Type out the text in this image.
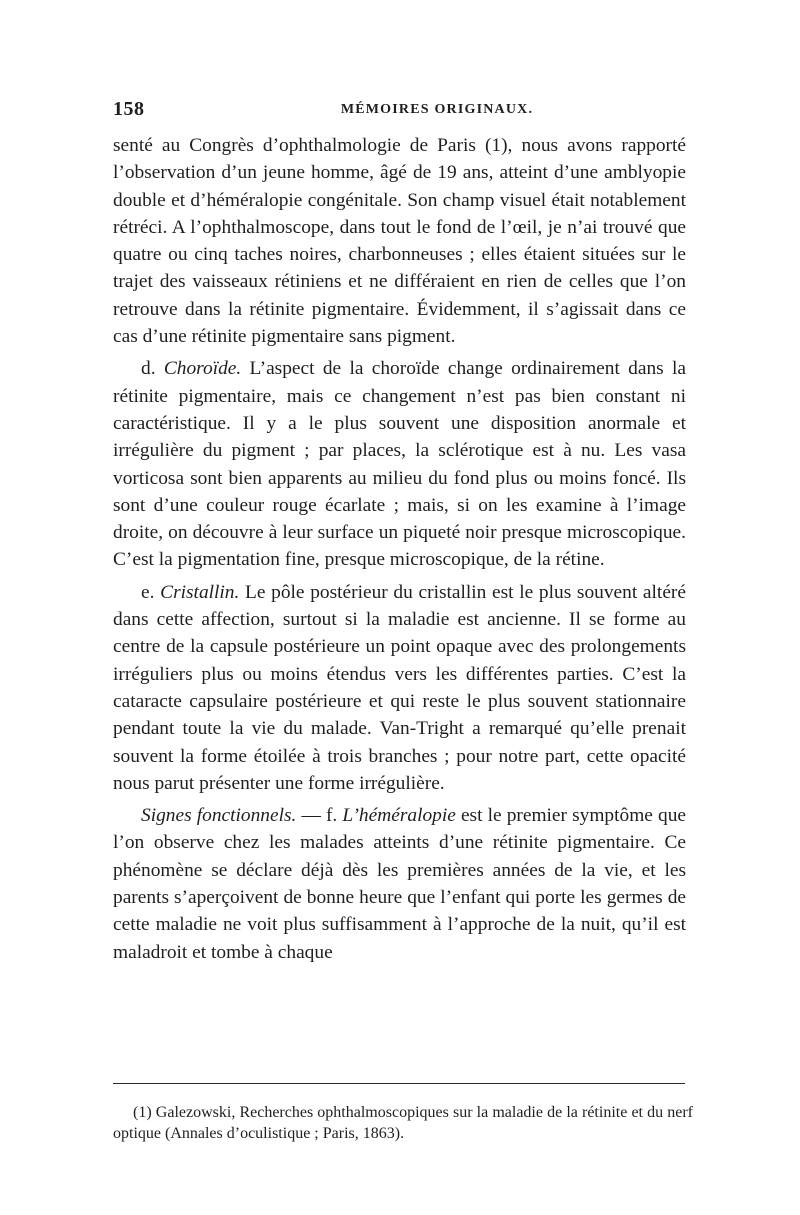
158	MÉMOIRES ORIGINAUX.

senté au Congrès d’ophthalmologie de Paris (1), nous avons rapporté l’observation d’un jeune homme, âgé de 19 ans, atteint d’une amblyopie double et d’héméralopie congénitale. Son champ visuel était notablement rétréci. A l’ophthalmoscope, dans tout le fond de l’œil, je n’ai trouvé que quatre ou cinq taches noires, charbonneuses ; elles étaient situées sur le trajet des vaisseaux rétiniens et ne différaient en rien de celles que l’on retrouve dans la rétinite pigmentaire. Évidemment, il s’agissait dans ce cas d’une rétinite pigmentaire sans pigment.

d. Choroïde. L’aspect de la choroïde change ordinairement dans la rétinite pigmentaire, mais ce changement n’est pas bien constant ni caractéristique. Il y a le plus souvent une disposition anormale et irrégulière du pigment ; par places, la sclérotique est à nu. Les vasa vorticosa sont bien apparents au milieu du fond plus ou moins foncé. Ils sont d’une couleur rouge écarlate ; mais, si on les examine à l’image droite, on découvre à leur surface un piqueté noir presque microscopique. C’est la pigmentation fine, presque microscopique, de la rétine.

e. Cristallin. Le pôle postérieur du cristallin est le plus souvent altéré dans cette affection, surtout si la maladie est ancienne. Il se forme au centre de la capsule postérieure un point opaque avec des prolongements irréguliers plus ou moins étendus vers les différentes parties. C’est la cataracte capsulaire postérieure et qui reste le plus souvent stationnaire pendant toute la vie du malade. Van-Tright a remarqué qu’elle prenait souvent la forme étoilée à trois branches ; pour notre part, cette opacité nous parut présenter une forme irrégulière.

Signes fonctionnels. — f. L’héméralopie est le premier symptôme que l’on observe chez les malades atteints d’une rétinite pigmentaire. Ce phénomène se déclare déjà dès les premières années de la vie, et les parents s’aperçoivent de bonne heure que l’enfant qui porte les germes de cette maladie ne voit plus suffisamment à l’approche de la nuit, qu’il est maladroit et tombe à chaque

(1) Galezowski, Recherches ophthalmoscopiques sur la maladie de la rétinite et du nerf optique (Annales d’oculistique ; Paris, 1863).
